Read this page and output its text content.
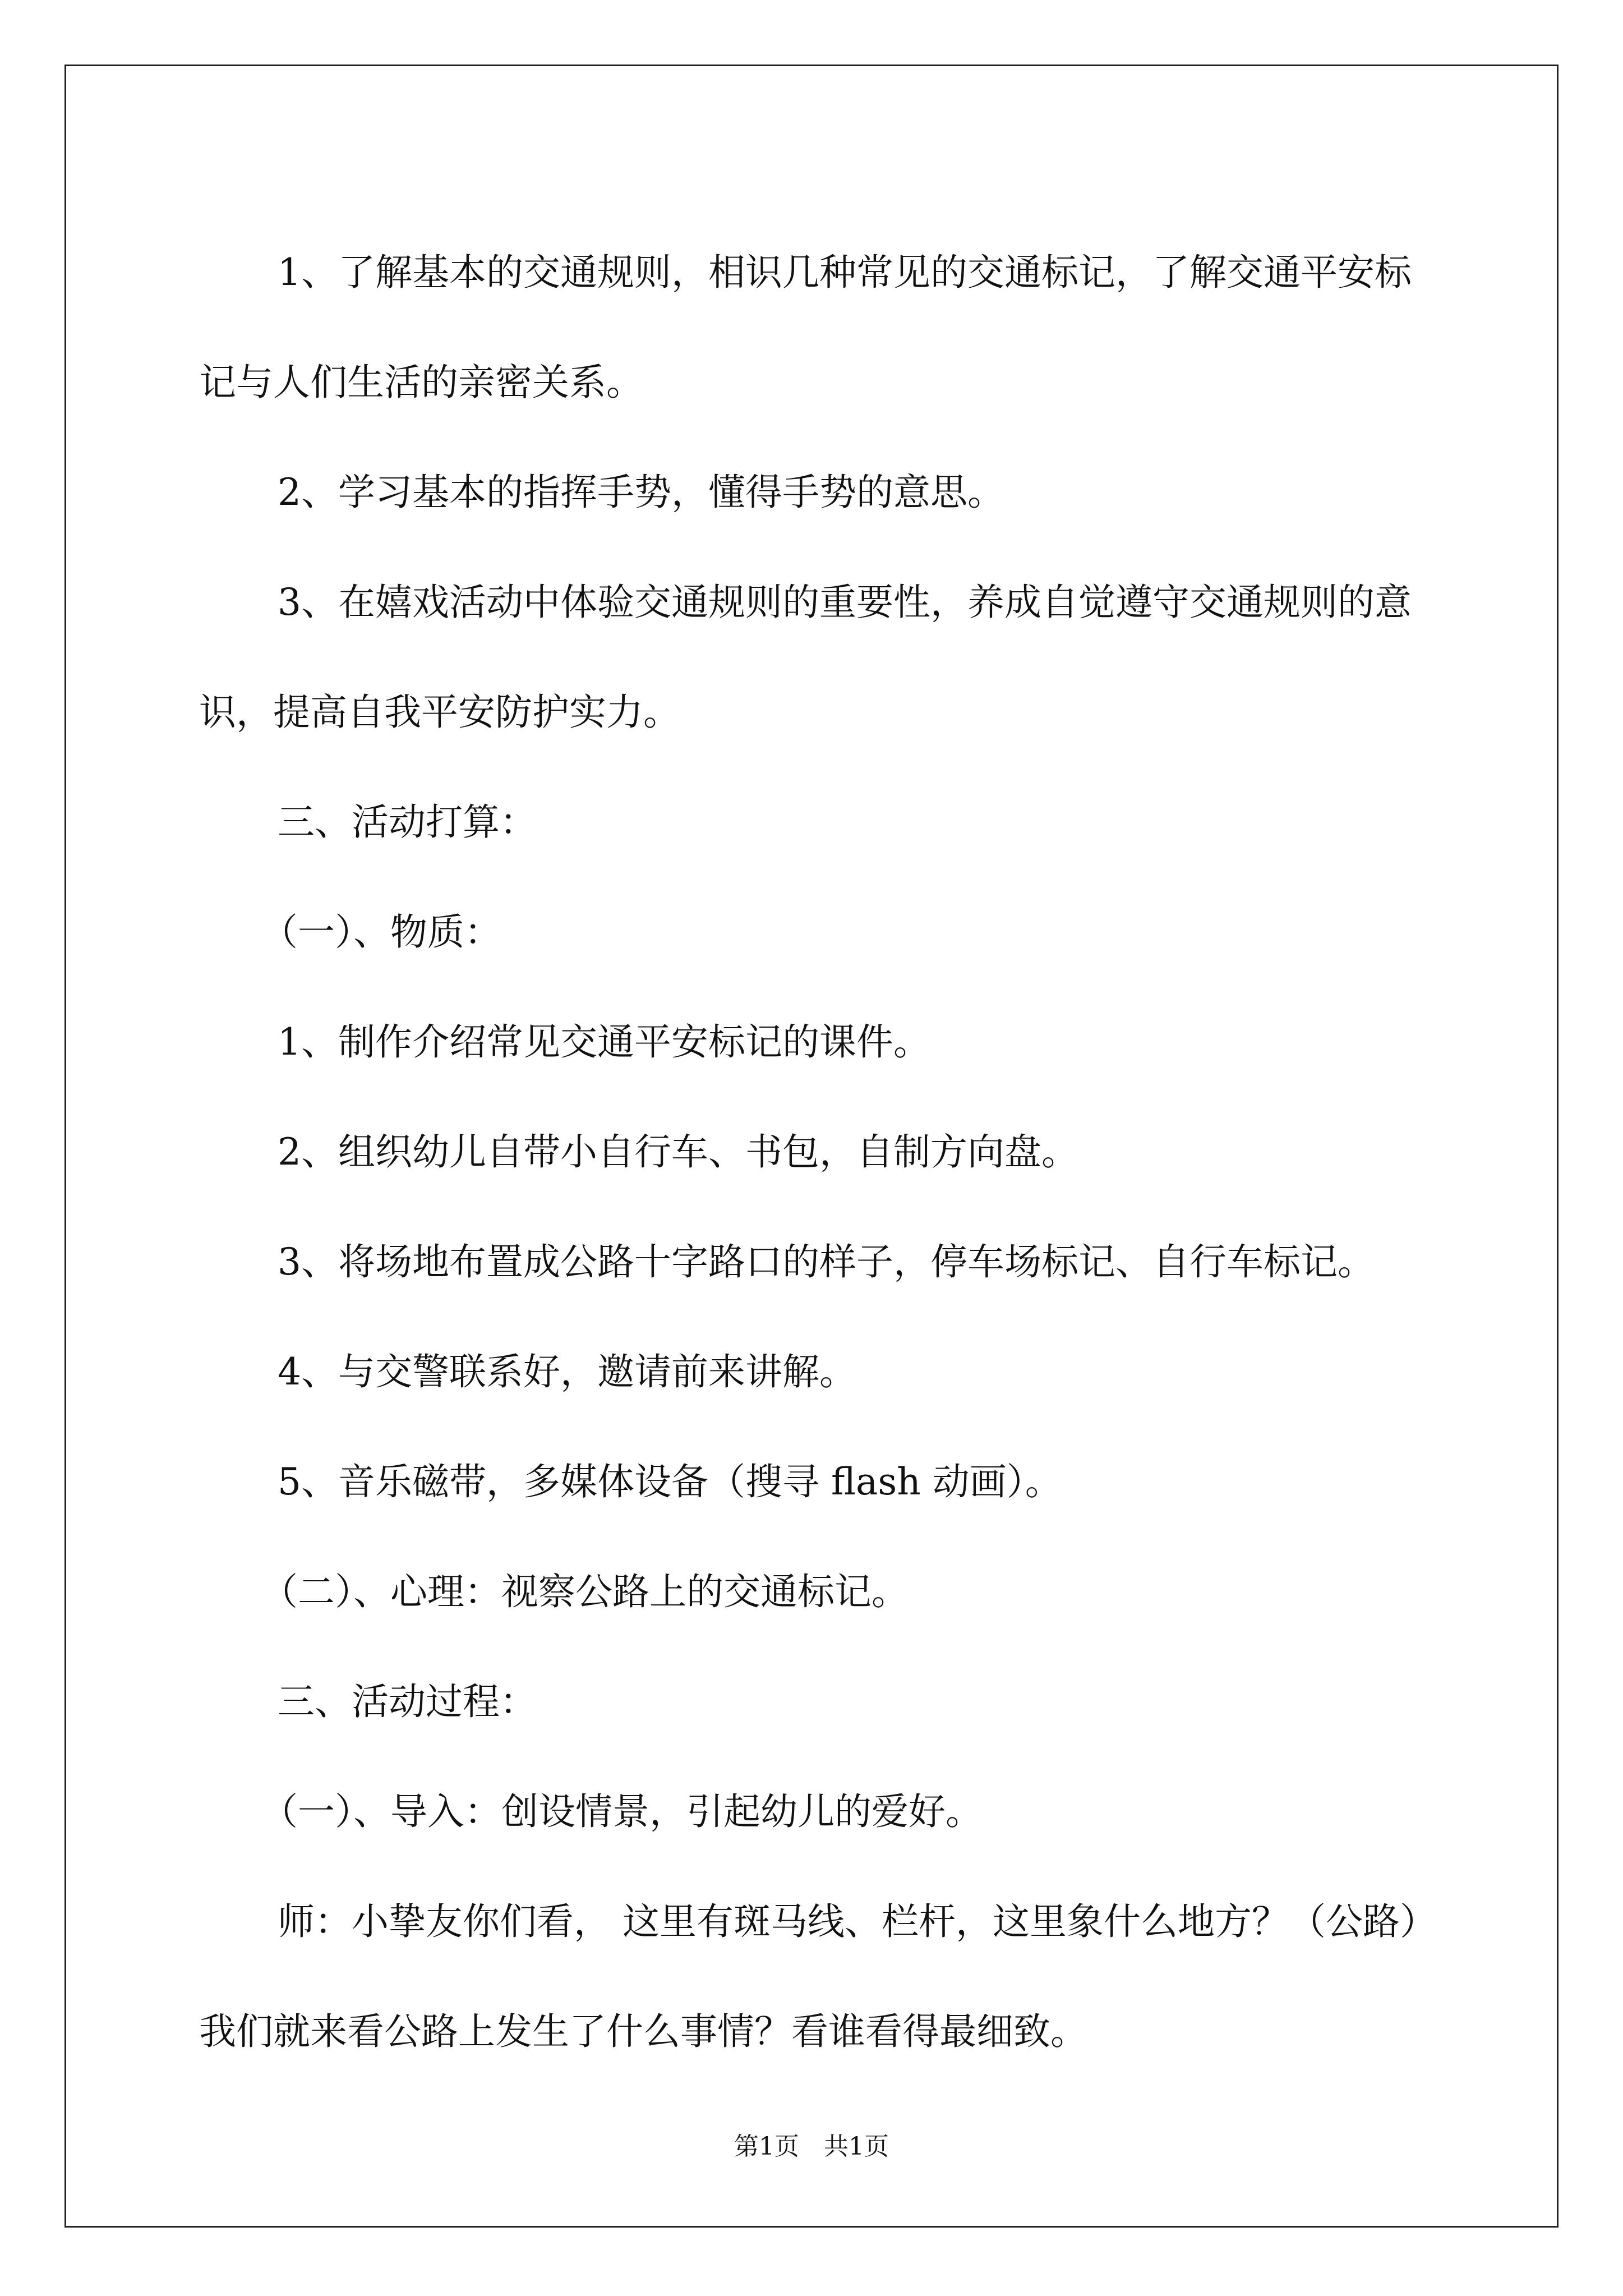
1、了解基本的交通规则，相识几种常见的交通标记，了解交通平安标记与人们生活的亲密关系。

2、学习基本的指挥手势，懂得手势的意思。

3、在嬉戏活动中体验交通规则的重要性，养成自觉遵守交通规则的意识，提高自我平安防护实力。

三、活动打算：

（一）、物质：

1、制作介绍常见交通平安标记的课件。

2、组织幼儿自带小自行车、书包，自制方向盘。

3、将场地布置成公路十字路口的样子，停车场标记、自行车标记。

4、与交警联系好，邀请前来讲解。

5、音乐磁带，多媒体设备（搜寻 flash 动画）。

（二）、心理：视察公路上的交通标记。

三、活动过程：

（一）、导入：创设情景，引起幼儿的爱好。

师：小挚友你们看， 这里有斑马线、栏杆，这里象什么地方？（公路）我们就来看公路上发生了什么事情？看谁看得最细致。

第1页　共1页
